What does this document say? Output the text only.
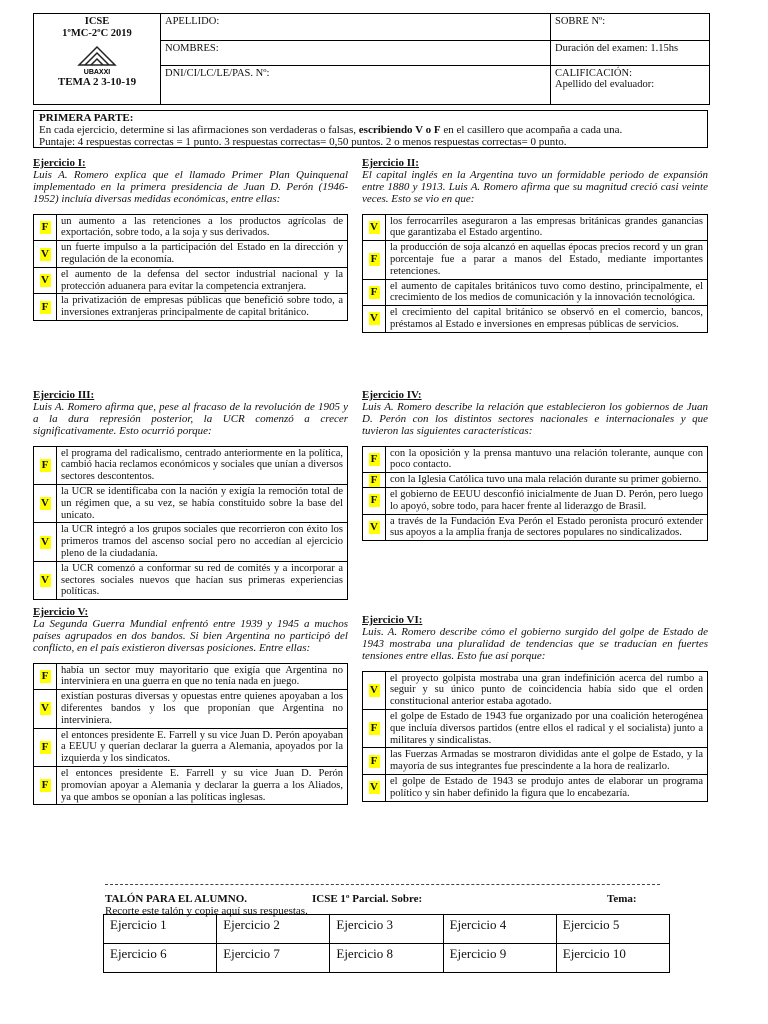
ICSE
1ºMC-2ºC 2019
UBAXXI
TEMA 2 3-10-19	APELLIDO:	SOBRE Nº:
	NOMBRES:	Duración del examen: 1.15hs
	DNI/CI/LC/LE/PAS. Nº:	CALIFICACIÓN:
Apellido del evaluador:
PRIMERA PARTE:
En cada ejercicio, determine si las afirmaciones son verdaderas o falsas, escribiendo V o F en el casillero que acompaña a cada una.
Puntaje: 4 respuestas correctas = 1 punto. 3 respuestas correctas= 0,50 puntos. 2 o menos respuestas correctas= 0 punto.
Ejercicio I:
Luis A. Romero explica que el llamado Primer Plan Quinquenal implementado en la primera presidencia de Juan D. Perón (1946-1952) incluía diversas medidas económicas, entre ellas:
F	un aumento a las retenciones a los productos agrícolas de exportación, sobre todo, a la soja y sus derivados.
V	un fuerte impulso a la participación del Estado en la dirección y regulación de la economía.
V	el aumento de la defensa del sector industrial nacional y la protección aduanera para evitar la competencia extranjera.
F	la privatización de empresas públicas que benefició sobre todo, a inversiones extranjeras principalmente de capital británico.
Ejercicio II:
El capital inglés en la Argentina tuvo un formidable periodo de expansión entre 1880 y 1913. Luis A. Romero afirma que su magnitud creció casi veinte veces. Esto se vio en que:
V	los ferrocarriles aseguraron a las empresas británicas grandes ganancias que garantizaba el Estado argentino.
F	la producción de soja alcanzó en aquellas épocas precios record y un gran porcentaje fue a parar a manos del Estado, mediante importantes retenciones.
F	el aumento de capitales británicos tuvo como destino, principalmente, el crecimiento de los medios de comunicación y la innovación tecnológica.
V	el crecimiento del capital británico se observó en el comercio, bancos, préstamos al Estado e inversiones en empresas públicas de servicios.
Ejercicio III:
Luis A. Romero afirma que, pese al fracaso de la revolución de 1905 y a la dura represión posterior, la UCR comenzó a crecer significativamente. Esto ocurrió porque:
F	el programa del radicalismo, centrado anteriormente en la política, cambió hacia reclamos económicos y sociales que unían a diversos sectores descontentos.
V	la UCR se identificaba con la nación y exigía la remoción total de un régimen que, a su vez, se había constituido sobre la base del unicato.
V	la UCR integró a los grupos sociales que recorrieron con éxito los primeros tramos del ascenso social pero no accedían al ejercicio pleno de la ciudadanía.
V	la UCR comenzó a conformar su red de comités y a incorporar a sectores sociales nuevos que hacían sus primeras experiencias políticas.
Ejercicio IV:
Luis A. Romero describe la relación que establecieron los gobiernos de Juan D. Perón con los distintos sectores nacionales e internacionales y que tuvieron las siguientes características:
F	con la oposición y la prensa mantuvo una relación tolerante, aunque con poco contacto.
F	con la Iglesia Católica tuvo una mala relación durante su primer gobierno.
F	el gobierno de EEUU desconfió inicialmente de Juan D. Perón, pero luego lo apoyó, sobre todo, para hacer frente al liderazgo de Brasil.
V	a través de la Fundación Eva Perón el Estado peronista procuró extender sus apoyos a la amplia franja de sectores populares no sindicalizados.
Ejercicio V:
La Segunda Guerra Mundial enfrentó entre 1939 y 1945 a muchos países agrupados en dos bandos. Si bien Argentina no participó del conflicto, en el país existieron diversas posiciones. Entre ellas:
F	había un sector muy mayoritario que exigía que Argentina no interviniera en una guerra en que no tenía nada en juego.
V	existían posturas diversas y opuestas entre quienes apoyaban a los diferentes bandos y los que proponían que Argentina no interviniera.
F	el entonces presidente E. Farrell y su vice Juan D. Perón apoyaban a EEUU y querían declarar la guerra a Alemania, apoyados por la izquierda y los sindicatos.
F	el entonces presidente E. Farrell y su vice Juan D. Perón promovían apoyar a Alemania y declarar la guerra a los Aliados, ya que ambos se oponían a las políticas inglesas.
Ejercicio VI:
Luis. A. Romero describe cómo el gobierno surgido del golpe de Estado de 1943 mostraba una pluralidad de tendencias que se traducían en fuertes tensiones entre ellas. Esto fue así porque:
V	el proyecto golpista mostraba una gran indefinición acerca del rumbo a seguir y su único punto de coincidencia había sido que el orden constitucional anterior estaba agotado.
F	el golpe de Estado de 1943 fue organizado por una coalición heterogénea que incluía diversos partidos (entre ellos el radical y el socialista) junto a militares y sindicalistas.
F	las Fuerzas Armadas se mostraron divididas ante el golpe de Estado, y la mayoría de sus integrantes fue prescindente a la hora de realizarlo.
V	el golpe de Estado de 1943 se produjo antes de elaborar un programa político y sin haber definido la figura que lo encabezaría.
TALÓN PARA EL ALUMNO.	ICSE 1º Parcial. Sobre:	Tema:
Recorte este talón y copie aquí sus respuestas.
Ejercicio 1	Ejercicio 2	Ejercicio 3	Ejercicio 4	Ejercicio 5
Ejercicio 6	Ejercicio 7	Ejercicio 8	Ejercicio 9	Ejercicio 10
